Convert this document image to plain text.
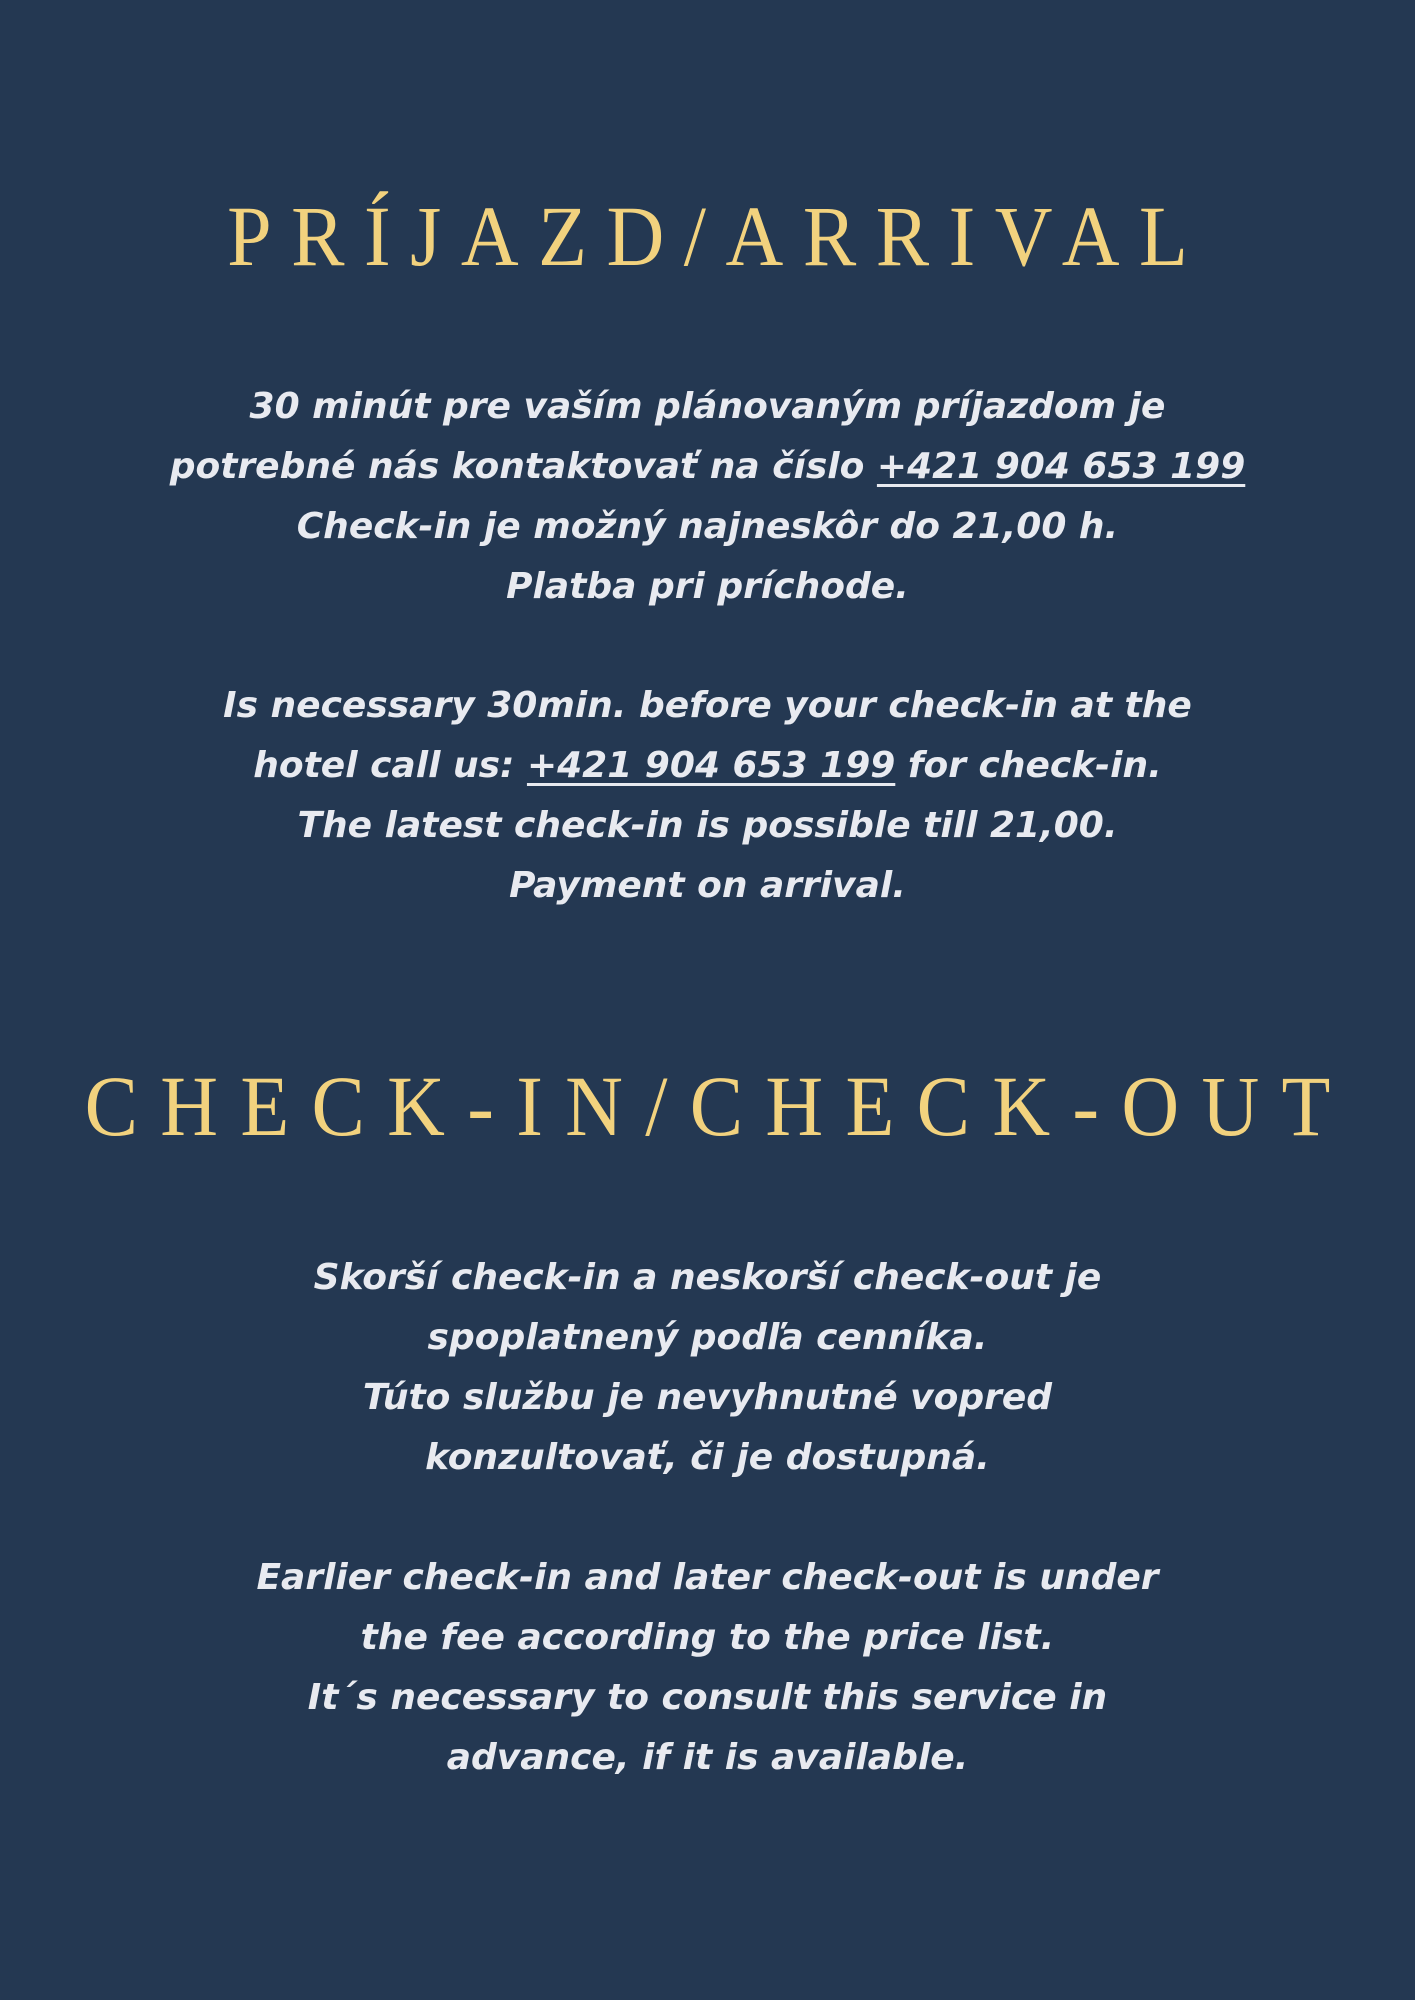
PRÍJAZD/ARRIVAL

30 minút pre vaším plánovaným príjazdom je
potrebné nás kontaktovať na číslo +421 904 653 199
Check-in je možný najneskôr do 21,00 h.
Platba pri príchode.

Is necessary 30min. before your check-in at the
hotel call us: +421 904 653 199 for check-in.
The latest check-in is possible till 21,00.
Payment on arrival.

CHECK-IN/CHECK-OUT

Skorší check-in a neskorší check-out je
spoplatnený podľa cenníka.
Túto službu je nevyhnutné vopred
konzultovať, či je dostupná.

Earlier check-in and later check-out is under
the fee according to the price list.
It´s necessary to consult this service in
advance, if it is available.
